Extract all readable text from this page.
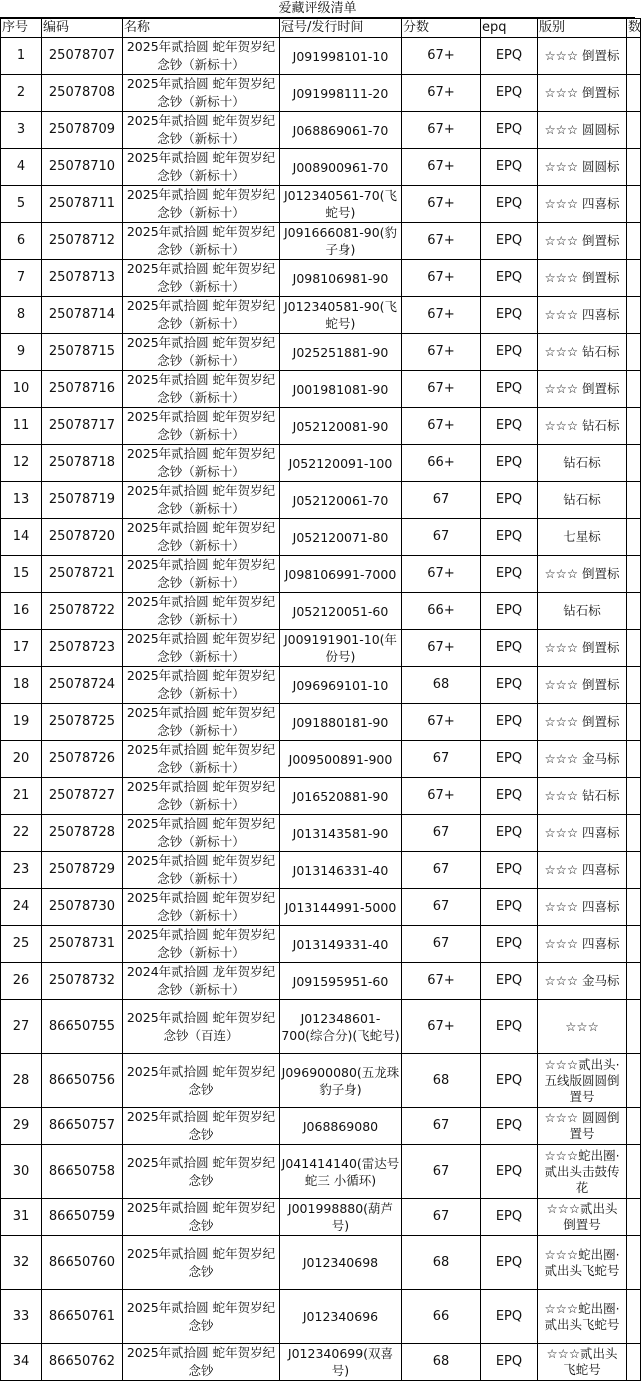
爱藏评级清单
序号	编码	名称	冠号/发行时间	分数	epq	版别	数
1	25078707	2025年贰拾圆 蛇年贺岁纪念钞（新标十）	J091998101-10	67+	EPQ	☆☆☆ 倒置标	
2	25078708	2025年贰拾圆 蛇年贺岁纪念钞（新标十）	J091998111-20	67+	EPQ	☆☆☆ 倒置标	
3	25078709	2025年贰拾圆 蛇年贺岁纪念钞（新标十）	J068869061-70	67+	EPQ	☆☆☆ 圆圆标	
4	25078710	2025年贰拾圆 蛇年贺岁纪念钞（新标十）	J008900961-70	67+	EPQ	☆☆☆ 圆圆标	
5	25078711	2025年贰拾圆 蛇年贺岁纪念钞（新标十）	J012340561-70(飞蛇号)	67+	EPQ	☆☆☆ 四喜标	
6	25078712	2025年贰拾圆 蛇年贺岁纪念钞（新标十）	J091666081-90(豹子身)	67+	EPQ	☆☆☆ 倒置标	
7	25078713	2025年贰拾圆 蛇年贺岁纪念钞（新标十）	J098106981-90	67+	EPQ	☆☆☆ 倒置标	
8	25078714	2025年贰拾圆 蛇年贺岁纪念钞（新标十）	J012340581-90(飞蛇号)	67+	EPQ	☆☆☆ 四喜标	
9	25078715	2025年贰拾圆 蛇年贺岁纪念钞（新标十）	J025251881-90	67+	EPQ	☆☆☆ 钻石标	
10	25078716	2025年贰拾圆 蛇年贺岁纪念钞（新标十）	J001981081-90	67+	EPQ	☆☆☆ 倒置标	
11	25078717	2025年贰拾圆 蛇年贺岁纪念钞（新标十）	J052120081-90	67+	EPQ	☆☆☆ 钻石标	
12	25078718	2025年贰拾圆 蛇年贺岁纪念钞（新标十）	J052120091-100	66+	EPQ	钻石标	
13	25078719	2025年贰拾圆 蛇年贺岁纪念钞（新标十）	J052120061-70	67	EPQ	钻石标	
14	25078720	2025年贰拾圆 蛇年贺岁纪念钞（新标十）	J052120071-80	67	EPQ	七星标	
15	25078721	2025年贰拾圆 蛇年贺岁纪念钞（新标十）	J098106991-7000	67+	EPQ	☆☆☆ 倒置标	
16	25078722	2025年贰拾圆 蛇年贺岁纪念钞（新标十）	J052120051-60	66+	EPQ	钻石标	
17	25078723	2025年贰拾圆 蛇年贺岁纪念钞（新标十）	J009191901-10(年份号)	67+	EPQ	☆☆☆ 倒置标	
18	25078724	2025年贰拾圆 蛇年贺岁纪念钞（新标十）	J096969101-10	68	EPQ	☆☆☆ 倒置标	
19	25078725	2025年贰拾圆 蛇年贺岁纪念钞（新标十）	J091880181-90	67+	EPQ	☆☆☆ 倒置标	
20	25078726	2025年贰拾圆 蛇年贺岁纪念钞（新标十）	J009500891-900	67	EPQ	☆☆☆ 金马标	
21	25078727	2025年贰拾圆 蛇年贺岁纪念钞（新标十）	J016520881-90	67+	EPQ	☆☆☆ 钻石标	
22	25078728	2025年贰拾圆 蛇年贺岁纪念钞（新标十）	J013143581-90	67	EPQ	☆☆☆ 四喜标	
23	25078729	2025年贰拾圆 蛇年贺岁纪念钞（新标十）	J013146331-40	67	EPQ	☆☆☆ 四喜标	
24	25078730	2025年贰拾圆 蛇年贺岁纪念钞（新标十）	J013144991-5000	67	EPQ	☆☆☆ 四喜标	
25	25078731	2025年贰拾圆 蛇年贺岁纪念钞（新标十）	J013149331-40	67	EPQ	☆☆☆ 四喜标	
26	25078732	2024年贰拾圆 龙年贺岁纪念钞（新标十）	J091595951-60	67+	EPQ	☆☆☆ 金马标	
27	86650755	2025年贰拾圆 蛇年贺岁纪念钞（百连）	J012348601-700(综合分)(飞蛇号)	67+	EPQ	☆☆☆	
28	86650756	2025年贰拾圆 蛇年贺岁纪念钞	J096900080(五龙珠 豹子身)	68	EPQ	☆☆☆贰出头·五线版圆圆倒置号	
29	86650757	2025年贰拾圆 蛇年贺岁纪念钞	J068869080	67	EPQ	☆☆☆ 圆圆倒置号	
30	86650758	2025年贰拾圆 蛇年贺岁纪念钞	J041414140(雷达号 蛇三 小循环)	67	EPQ	☆☆☆蛇出圈·贰出头击鼓传花	
31	86650759	2025年贰拾圆 蛇年贺岁纪念钞	J001998880(葫芦号)	67	EPQ	☆☆☆贰出头 倒置号	
32	86650760	2025年贰拾圆 蛇年贺岁纪念钞	J012340698	68	EPQ	☆☆☆蛇出圈·贰出头飞蛇号	
33	86650761	2025年贰拾圆 蛇年贺岁纪念钞	J012340696	66	EPQ	☆☆☆蛇出圈·贰出头飞蛇号	
34	86650762	2025年贰拾圆 蛇年贺岁纪念钞	J012340699(双喜号)	68	EPQ	☆☆☆贰出头 飞蛇号	
